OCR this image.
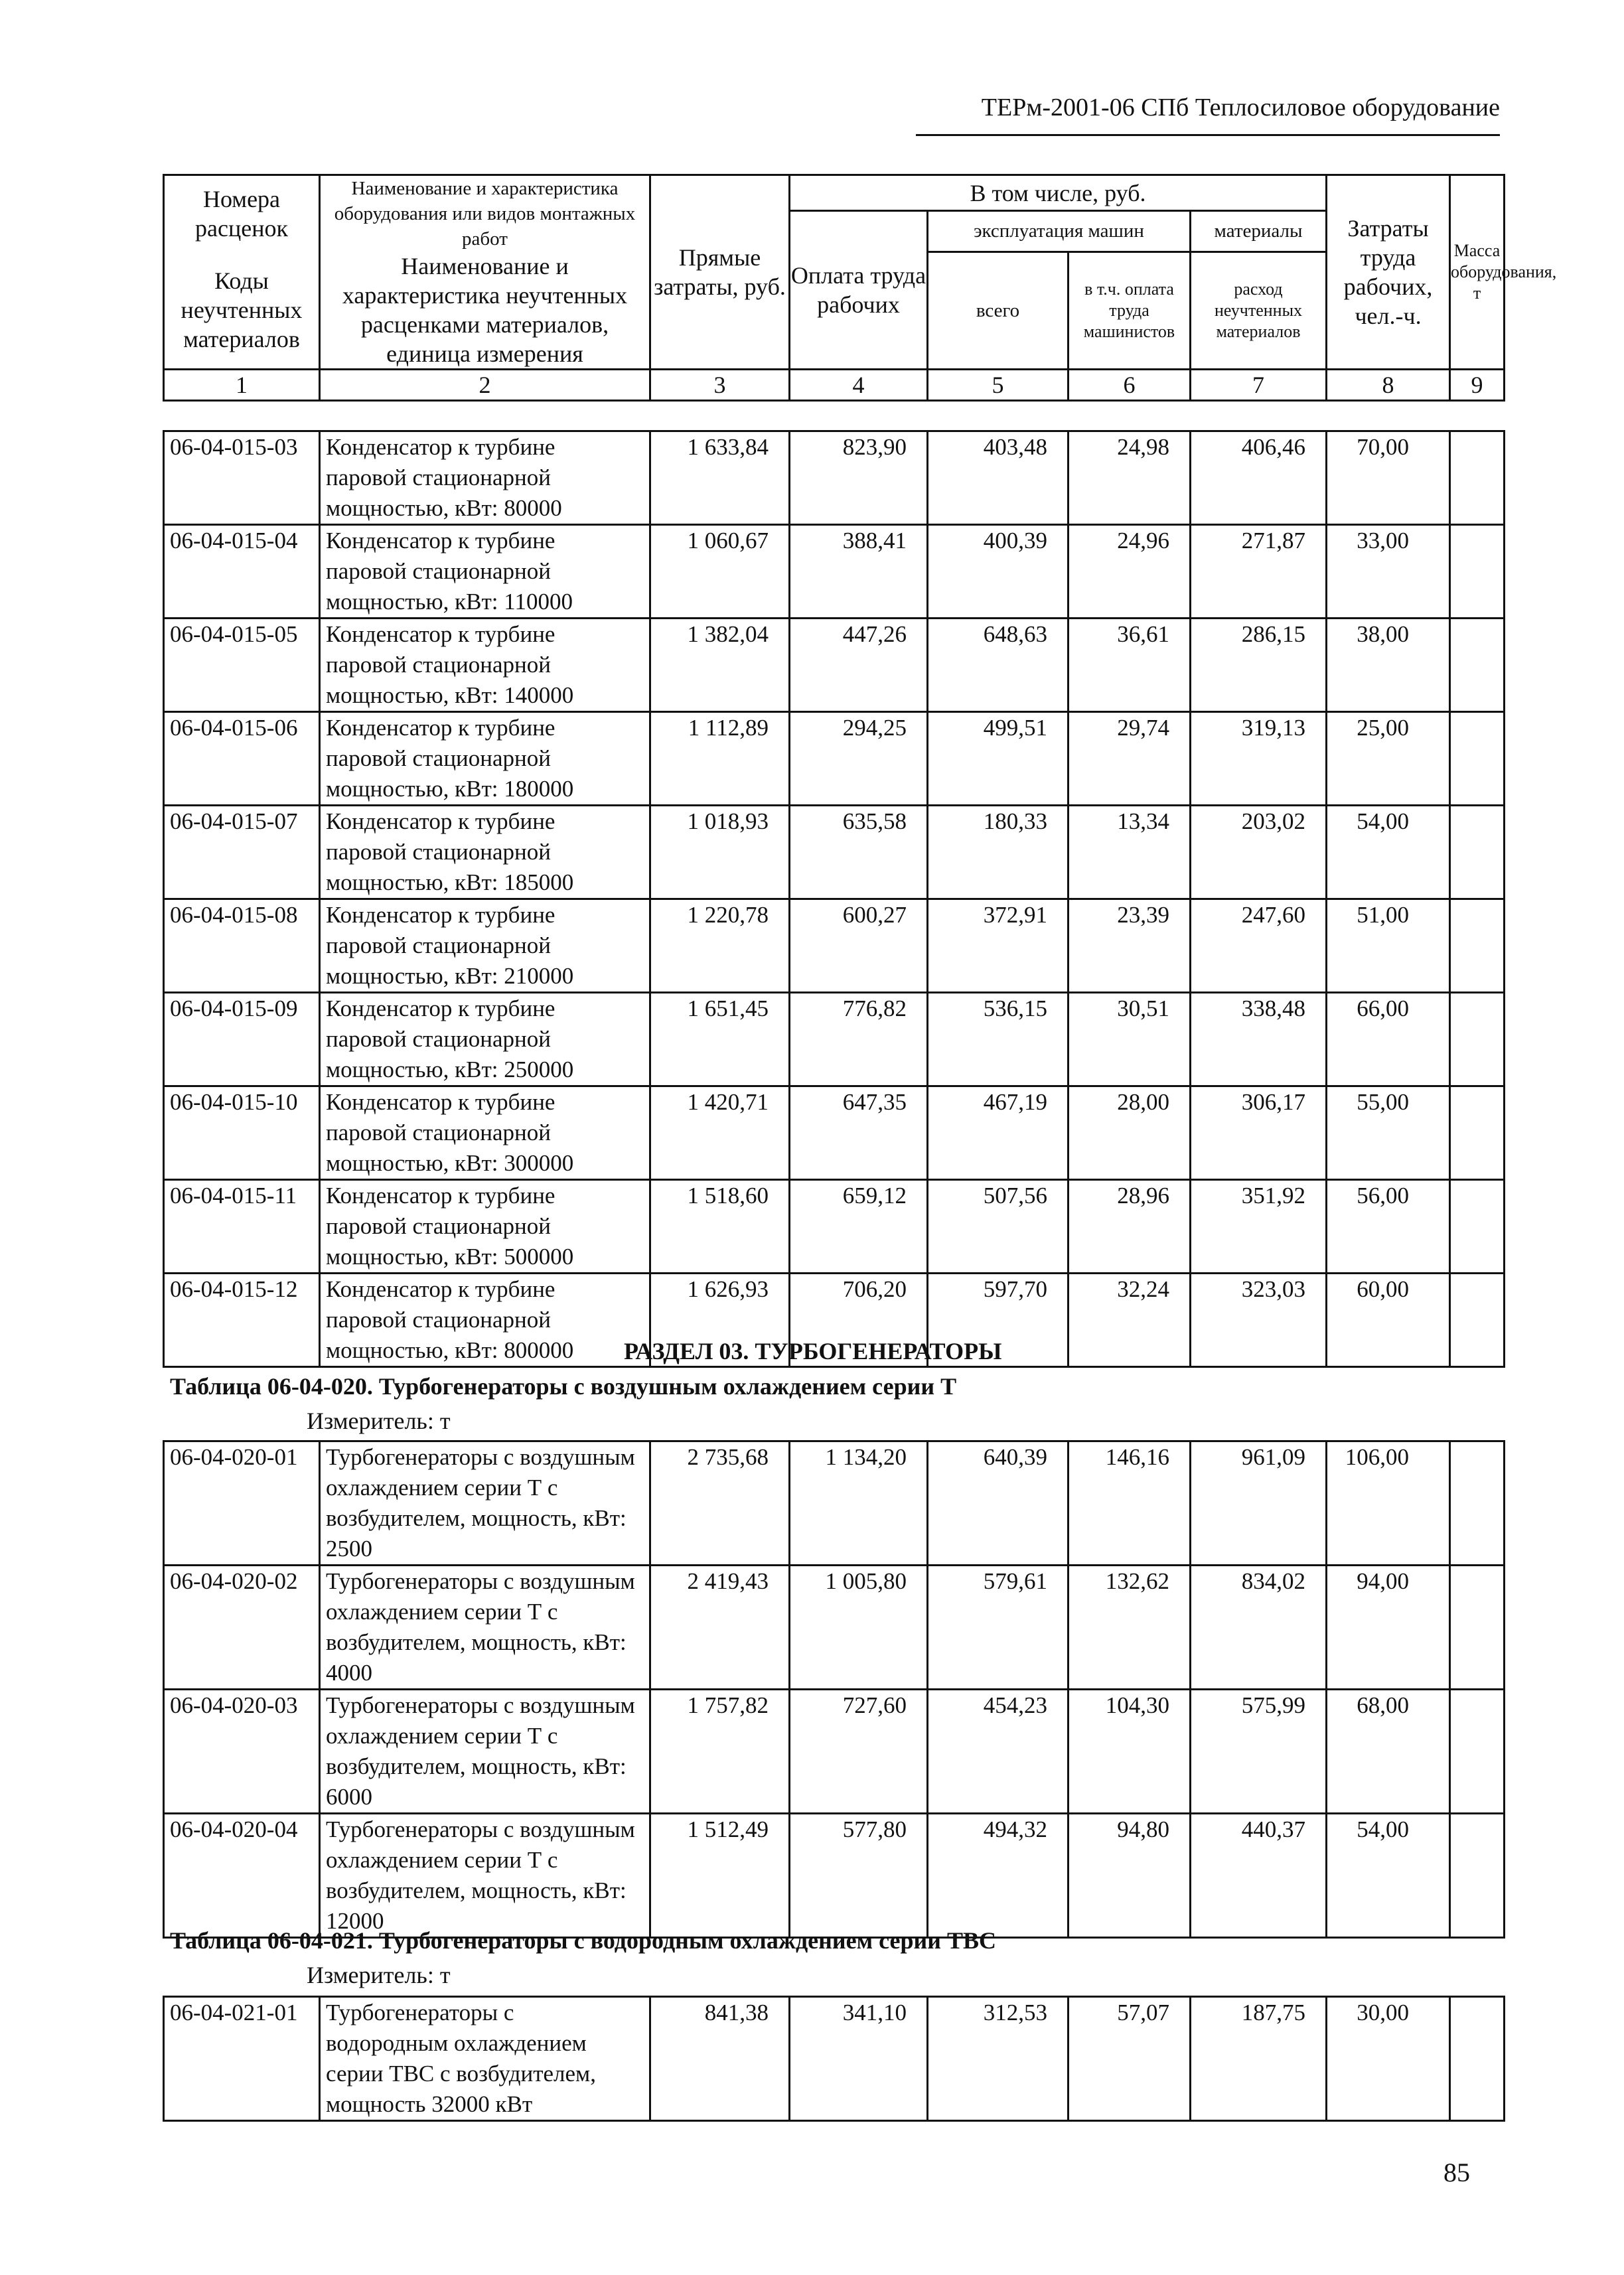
ТЕРм-2001-06 СПб Теплосиловое оборудование
Номера расценок	Наименование и характеристика оборудования или видов монтажных работ	Прямые затраты, руб.	В том числе, руб.				Затраты труда рабочих, чел.-ч.	Масса оборудования, т
			Оплата труда рабочих	эксплуатация машин		материалы		
Коды неучтенных материалов	Наименование и характеристика неучтенных расценками материалов, единица измерения			всего	в т.ч. оплата труда машинистов	расход неучтенных материалов		

1	2	3	4	5	6	7	8	9
06-04-015-03	Конденсатор к турбине
паровой стационарной
мощностью, кВт: 80000	1 633,84	823,90	403,48	24,98	406,46	70,00	
06-04-015-04	Конденсатор к турбине
паровой стационарной
мощностью, кВт: 110000	1 060,67	388,41	400,39	24,96	271,87	33,00	
06-04-015-05	Конденсатор к турбине
паровой стационарной
мощностью, кВт: 140000	1 382,04	447,26	648,63	36,61	286,15	38,00	
06-04-015-06	Конденсатор к турбине
паровой стационарной
мощностью, кВт: 180000	1 112,89	294,25	499,51	29,74	319,13	25,00	
06-04-015-07	Конденсатор к турбине
паровой стационарной
мощностью, кВт: 185000	1 018,93	635,58	180,33	13,34	203,02	54,00	
06-04-015-08	Конденсатор к турбине
паровой стационарной
мощностью, кВт: 210000	1 220,78	600,27	372,91	23,39	247,60	51,00	
06-04-015-09	Конденсатор к турбине
паровой стационарной
мощностью, кВт: 250000	1 651,45	776,82	536,15	30,51	338,48	66,00	
06-04-015-10	Конденсатор к турбине
паровой стационарной
мощностью, кВт: 300000	1 420,71	647,35	467,19	28,00	306,17	55,00	
06-04-015-11	Конденсатор к турбине
паровой стационарной
мощностью, кВт: 500000	1 518,60	659,12	507,56	28,96	351,92	56,00	
06-04-015-12	Конденсатор к турбине
паровой стационарной
мощностью, кВт: 800000	1 626,93	706,20	597,70	32,24	323,03	60,00	
РАЗДЕЛ 03. ТУРБОГЕНЕРАТОРЫ
Таблица 06-04-020. Турбогенераторы с воздушным охлаждением серии Т
Измеритель: т
06-04-020-01	Турбогенераторы с воздушным
охлаждением серии Т с
возбудителем, мощность, кВт:
2500	2 735,68	1 134,20	640,39	146,16	961,09	106,00	
06-04-020-02	Турбогенераторы с воздушным
охлаждением серии Т с
возбудителем, мощность, кВт:
4000	2 419,43	1 005,80	579,61	132,62	834,02	94,00	
06-04-020-03	Турбогенераторы с воздушным
охлаждением серии Т с
возбудителем, мощность, кВт:
6000	1 757,82	727,60	454,23	104,30	575,99	68,00	
06-04-020-04	Турбогенераторы с воздушным
охлаждением серии Т с
возбудителем, мощность, кВт:
12000	1 512,49	577,80	494,32	94,80	440,37	54,00	
Таблица 06-04-021. Турбогенераторы с водородным охлаждением серии ТВС
Измеритель: т
06-04-021-01	Турбогенераторы с
водородным охлаждением
серии ТВС с возбудителем,
мощность 32000 кВт
	841,38	341,10	312,53	57,07	187,75	30,00	
85
